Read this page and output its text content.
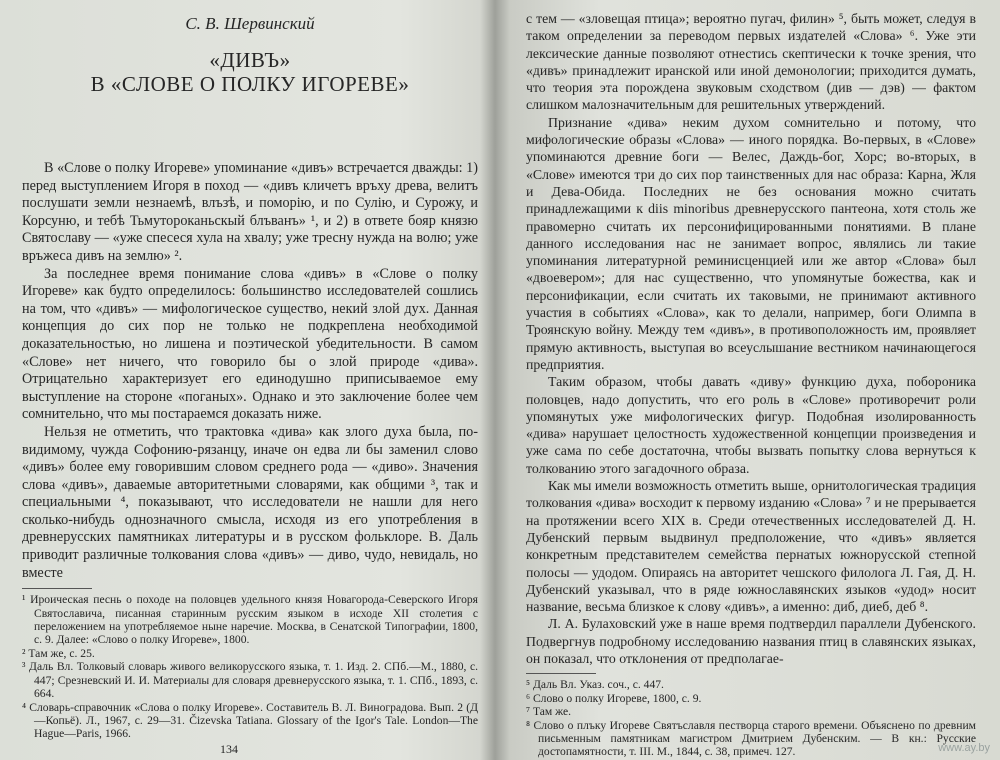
С. В. Шервинский
«ДИВЪ»
В «СЛОВЕ О ПОЛКУ ИГОРЕВЕ»

В «Слове о полку Игореве» упоминание «дивъ» встречается дважды: 1) перед выступлением Игоря в поход — «дивъ кличетъ връху древа, велитъ послушати земли незнаемѣ, влъзѣ, и поморію, и по Сулію, и Сурожу, и Корсуню, и тебѣ Тьмутороканьскый блъванъ» ¹, и 2) в ответе бояр князю Святославу — «уже спесеся хула на хвалу; уже тресну нужда на волю; уже връжеса дивъ на землю» ².

За последнее время понимание слова «дивъ» в «Слове о полку Игореве» как будто определилось: большинство исследователей сошлись на том, что «дивъ» — мифологическое существо, некий злой дух. Данная концепция до сих пор не только не подкреплена необходимой доказательностью, но лишена и поэтической убедительности. В самом «Слове» нет ничего, что говорило бы о злой природе «дива». Отрицательно характеризует его единодушно приписываемое ему выступление на стороне «поганых». Однако и это заключение более чем сомнительно, что мы постараемся доказать ниже.

Нельзя не отметить, что трактовка «дива» как злого духа была, по-видимому, чужда Софонию-рязанцу, иначе он едва ли бы заменил слово «дивъ» более ему говорившим словом среднего рода — «диво». Значения слова «дивъ», даваемые авторитетными словарями, как общими ³, так и специальными ⁴, показывают, что исследователи не нашли для него сколько-нибудь однозначного смысла, исходя из его употребления в древнерусских памятниках литературы и в русском фольклоре. В. Даль приводит различные толкования слова «дивъ» — диво, чудо, невидаль, но вместе

¹ Ироическая песнь о походе на половцев удельного князя Новагорода-Северского Игоря Святославича, писанная старинным русским языком в исходе XII столетия с переложением на употребляемое ныне наречие. Москва, в Сенатской Типографии, 1800, с. 9. Далее: «Слово о полку Игореве», 1800.
² Там же, с. 25.
³ Даль Вл. Толковый словарь живого великорусского языка, т. 1. Изд. 2. СПб.—М., 1880, с. 447; Срезневский И. И. Материалы для словаря древнерусского языка, т. 1. СПб., 1893, с. 664.
⁴ Словарь-справочник «Слова о полку Игореве». Составитель В. Л. Виноградова. Вып. 2 (Д—Копьё). Л., 1967, с. 29—31. Čizevska Tatiana. Glossary of the Igor's Tale. London—The Hague—Paris, 1966.
134

с тем — «зловещая птица»; вероятно пугач, филин» ⁵, быть может, следуя в таком определении за переводом первых издателей «Слова» ⁶. Уже эти лексические данные позволяют отнестись скептически к точке зрения, что «дивъ» принадлежит иранской или иной демонологии; приходится думать, что теория эта порождена звуковым сходством (див — дэв) — фактом слишком малозначительным для решительных утверждений.

Признание «дива» неким духом сомнительно и потому, что мифологические образы «Слова» — иного порядка. Во-первых, в «Слове» упоминаются древние боги — Велес, Даждь-бог, Хорс; во-вторых, в «Слове» имеются три до сих пор таинственных для нас образа: Карна, Жля и Дева-Обида. Последних не без основания можно считать принадлежащими к diis minoribus древнерусского пантеона, хотя столь же правомерно считать их персонифицированными понятиями. В плане данного исследования нас не занимает вопрос, являлись ли такие упоминания литературной реминисценцией или же автор «Слова» был «двоевером»; для нас существенно, что упомянутые божества, как и персонификации, если считать их таковыми, не принимают активного участия в событиях «Слова», как то делали, например, боги Олимпа в Троянскую войну. Между тем «дивъ», в противоположность им, проявляет прямую активность, выступая во всеуслышание вестником начинающегося предприятия.

Таким образом, чтобы давать «диву» функцию духа, побороника половцев, надо допустить, что его роль в «Слове» противоречит роли упомянутых уже мифологических фигур. Подобная изолированность «дива» нарушает целостность художественной концепции произведения и уже сама по себе достаточна, чтобы вызвать попытку слова вернуться к толкованию этого загадочного образа.

Как мы имели возможность отметить выше, орнитологическая традиция толкования «дива» восходит к первому изданию «Слова» ⁷ и не прерывается на протяжении всего XIX в. Среди отечественных исследователей Д. Н. Дубенский первым выдвинул предположение, что «дивъ» является конкретным представителем семейства пернатых южнорусской степной полосы — удодом. Опираясь на авторитет чешского филолога Л. Гая, Д. Н. Дубенский указывал, что в ряде южнославянских языков «удод» носит название, весьма близкое к слову «дивъ», а именно: диб, диеб, деб ⁸.

Л. А. Булаховский уже в наше время подтвердил параллели Дубенского. Подвергнув подробному исследованию названия птиц в славянских языках, он показал, что отклонения от предполагае-

⁵ Даль Вл. Указ. соч., с. 447.
⁶ Слово о полку Игореве, 1800, с. 9.
⁷ Там же.
⁸ Слово о плъку Игореве Святъславля пестворца старого времени. Объяснено по древним письменным памятникам магистром Дмитрием Дубенским. — В кн.: Русские достопамятности, т. III. М., 1844, с. 38, примеч. 127.	www.ay.by
